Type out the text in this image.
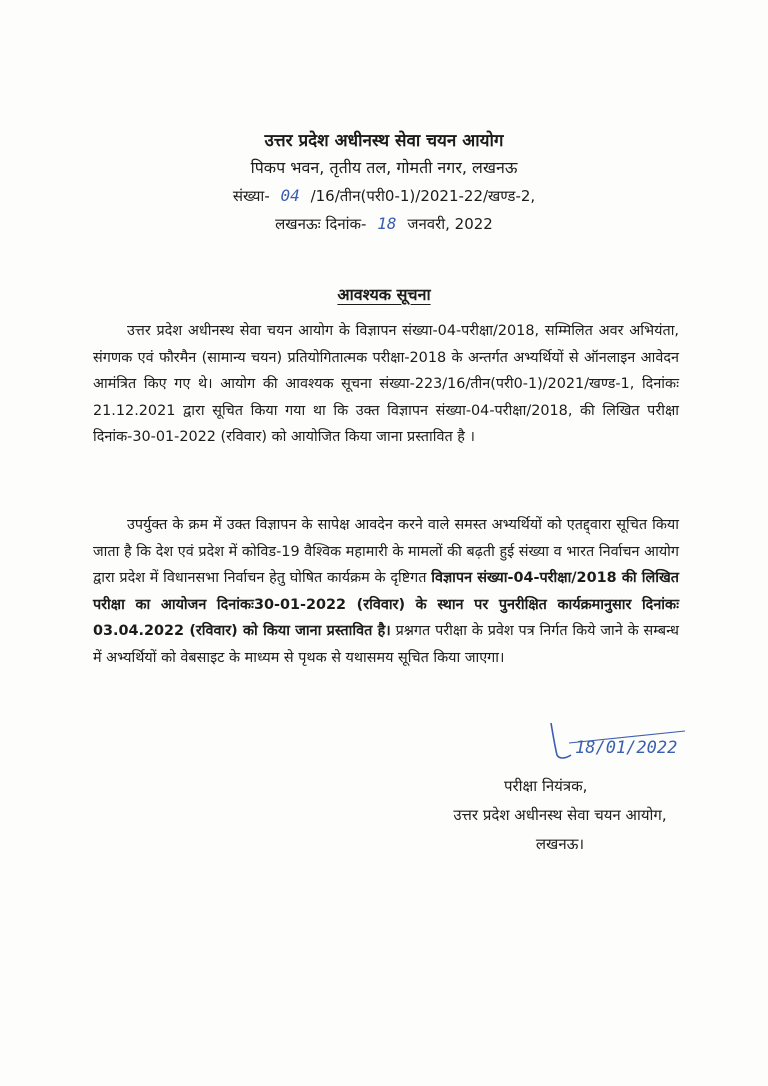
उत्तर प्रदेश अधीनस्थ सेवा चयन आयोग
पिकप भवन, तृतीय तल, गोमती नगर, लखनऊ
संख्या- 04 /16/तीन(परी0-1)/2021-22/खण्ड-2,
लखनऊः दिनांक- 18 जनवरी, 2022
आवश्यक सूचना
उत्तर प्रदेश अधीनस्थ सेवा चयन आयोग के विज्ञापन संख्या-04-परीक्षा/2018, सम्मिलित अवर अभियंता, संगणक एवं फौरमैन (सामान्य चयन) प्रतियोगितात्मक परीक्षा-2018 के अन्तर्गत अभ्यर्थियों से ऑनलाइन आवेदन आमंत्रित किए गए थे। आयोग की आवश्यक सूचना संख्या-223/16/तीन(परी0-1)/2021/खण्ड-1, दिनांकः 21.12.2021 द्वारा सूचित किया गया था कि उक्त विज्ञापन संख्या-04-परीक्षा/2018, की लिखित परीक्षा दिनांक-30-01-2022 (रविवार) को आयोजित किया जाना प्रस्तावित है ।
उपर्युक्त के क्रम में उक्त विज्ञापन के सापेक्ष आवदेन करने वाले समस्त अभ्यर्थियों को एतद्द्वारा सूचित किया जाता है कि देश एवं प्रदेश में कोविड-19 वैश्विक महामारी के मामलों की बढ़ती हुई संख्या व भारत निर्वाचन आयोग द्वारा प्रदेश में विधानसभा निर्वाचन हेतु घोषित कार्यक्रम के दृष्टिगत विज्ञापन संख्या-04-परीक्षा/2018 की लिखित परीक्षा का आयोजन दिनांकः30-01-2022 (रविवार) के स्थान पर पुनरीक्षित कार्यक्रमानुसार दिनांकः 03.04.2022 (रविवार) को किया जाना प्रस्तावित है। प्रश्नगत परीक्षा के प्रवेश पत्र निर्गत किये जाने के सम्बन्ध में अभ्यर्थियों को वेबसाइट के माध्यम से पृथक से यथासमय सूचित किया जाएगा।
18/01/2022
परीक्षा नियंत्रक,
उत्तर प्रदेश अधीनस्थ सेवा चयन आयोग,
लखनऊ।
